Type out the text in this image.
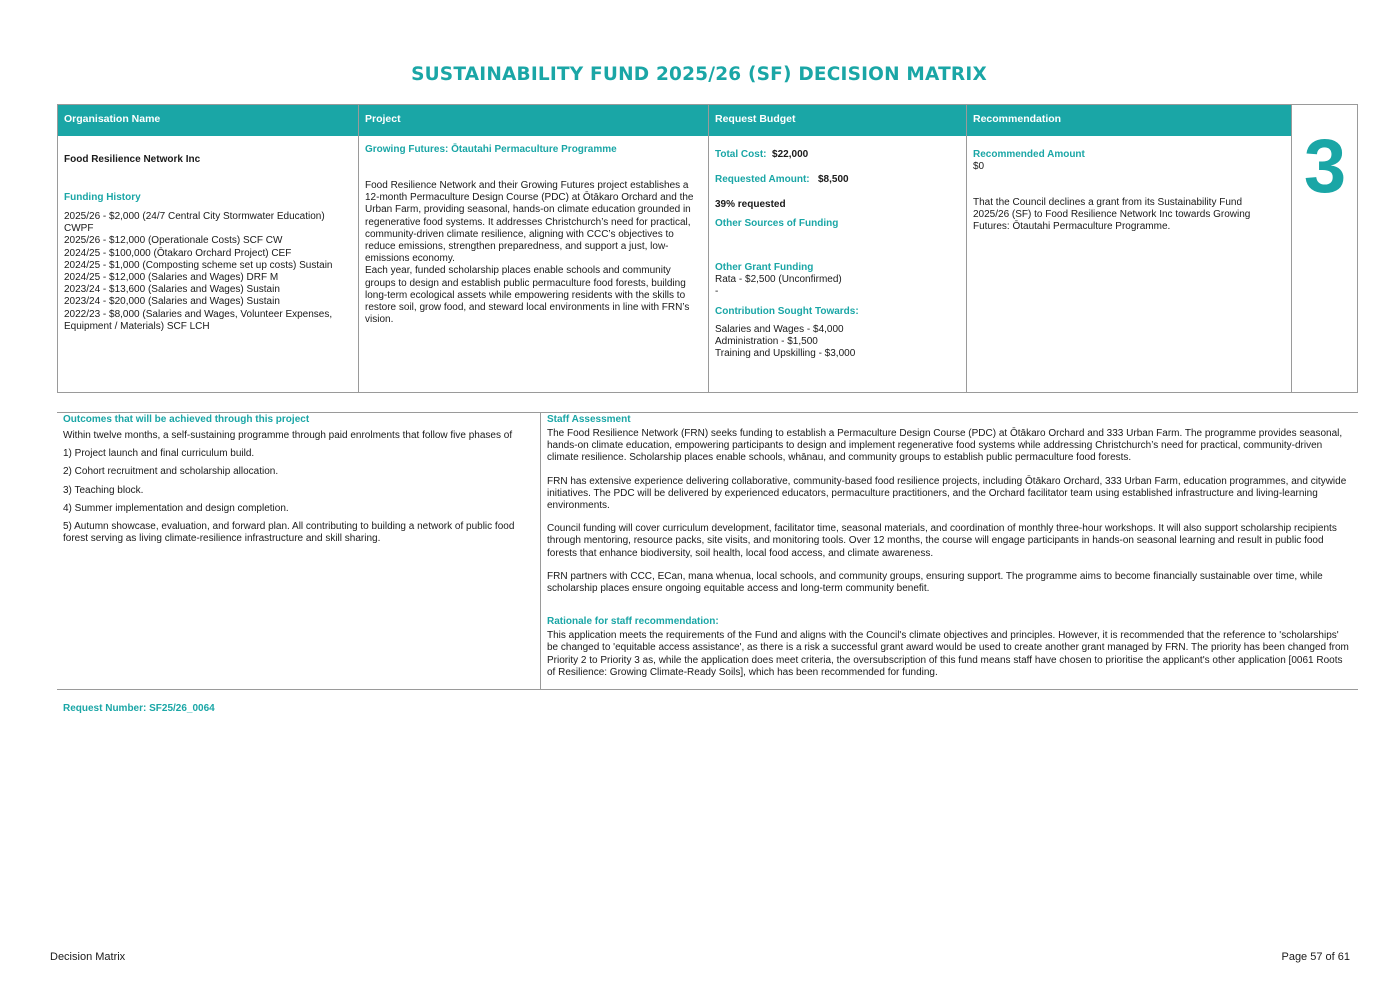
SUSTAINABILITY FUND 2025/26 (SF) DECISION MATRIX
Organisation Name
Food Resilience Network Inc
Funding History
2025/26 - $2,000 (24/7 Central City Stormwater Education) CWPF
2025/26 - $12,000 (Operationale Costs) SCF CW
2024/25 - $100,000 (Ōtakaro Orchard Project) CEF
2024/25 - $1,000 (Composting scheme set up costs) Sustain
2024/25 - $12,000 (Salaries and Wages) DRF M
2023/24 - $13,600 (Salaries and Wages) Sustain
2023/24 - $20,000 (Salaries and Wages) Sustain
2022/23 - $8,000 (Salaries and Wages, Volunteer Expenses, Equipment / Materials) SCF LCH
Project
Growing Futures: Ōtautahi Permaculture Programme

Food Resilience Network and their Growing Futures project establishes a 12-month Permaculture Design Course (PDC) at Ōtākaro Orchard and the Urban Farm, providing seasonal, hands-on climate education grounded in regenerative food systems. It addresses Christchurch’s need for practical, community-driven climate resilience, aligning with CCC’s objectives to reduce emissions, strengthen preparedness, and support a just, low-emissions economy.

Each year, funded scholarship places enable schools and community groups to design and establish public permaculture food forests, building long-term ecological assets while empowering residents with the skills to restore soil, grow food, and steward local environments in line with FRN’s vision.

Request Budget
Total Cost: $22,000
Requested Amount: $8,500
39% requested
Other Sources of Funding
Other Grant Funding
Rata - $2,500 (Unconfirmed)
-
Contribution Sought Towards:
Salaries and Wages - $4,000
Administration - $1,500
Training and Upskilling - $3,000
Recommendation
Recommended Amount
$0
That the Council declines a grant from its Sustainability Fund 2025/26 (SF) to Food Resilience Network Inc towards Growing Futures: Ōtautahi Permaculture Programme.
3
Outcomes that will be achieved through this project

Within twelve months, a self-sustaining programme through paid enrolments that follow five phases of

1) Project launch and final curriculum build.

2) Cohort recruitment and scholarship allocation.

3) Teaching block.

4) Summer implementation and design completion.

5) Autumn showcase, evaluation, and forward plan. All contributing to building a network of public food forest serving as living climate-resilience infrastructure and skill sharing.

Staff Assessment

The Food Resilience Network (FRN) seeks funding to establish a Permaculture Design Course (PDC) at Ōtākaro Orchard and 333 Urban Farm. The programme provides seasonal, hands-on climate education, empowering participants to design and implement regenerative food systems while addressing Christchurch’s need for practical, community-driven climate resilience. Scholarship places enable schools, whānau, and community groups to establish public permaculture food forests.

FRN has extensive experience delivering collaborative, community-based food resilience projects, including Ōtākaro Orchard, 333 Urban Farm, education programmes, and citywide initiatives. The PDC will be delivered by experienced educators, permaculture practitioners, and the Orchard facilitator team using established infrastructure and living-learning environments.

Council funding will cover curriculum development, facilitator time, seasonal materials, and coordination of monthly three-hour workshops. It will also support scholarship recipients through mentoring, resource packs, site visits, and monitoring tools. Over 12 months, the course will engage participants in hands-on seasonal learning and result in public food forests that enhance biodiversity, soil health, local food access, and climate awareness.

FRN partners with CCC, ECan, mana whenua, local schools, and community groups, ensuring support. The programme aims to become financially sustainable over time, while scholarship places ensure ongoing equitable access and long-term community benefit.

Rationale for staff recommendation:

This application meets the requirements of the Fund and aligns with the Council's climate objectives and principles. However, it is recommended that the reference to 'scholarships' be changed to 'equitable access assistance', as there is a risk a successful grant award would be used to create another grant managed by FRN. The priority has been changed from Priority 2 to Priority 3 as, while the application does meet criteria, the oversubscription of this fund means staff have chosen to prioritise the applicant's other application [0061 Roots of Resilience: Growing Climate-Ready Soils], which has been recommended for funding.

Request Number: SF25/26_0064
Decision Matrix	Page 57 of 61
